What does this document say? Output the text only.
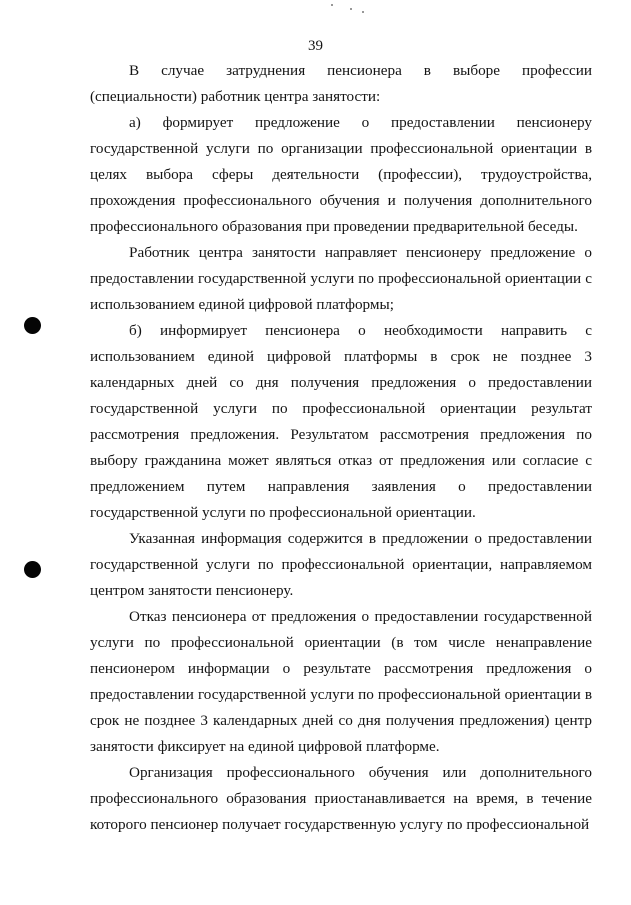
39

В случае затруднения пенсионера в выборе профессии (специальности) работник центра занятости:

а) формирует предложение о предоставлении пенсионеру государственной услуги по организации профессиональной ориентации в целях выбора сферы деятельности (профессии), трудоустройства, прохождения профессионального обучения и получения дополнительного профессионального образования при проведении предварительной беседы.

Работник центра занятости направляет пенсионеру предложение о предоставлении государственной услуги по профессиональной ориентации с использованием единой цифровой платформы;

б) информирует пенсионера о необходимости направить с использованием единой цифровой платформы в срок не позднее 3 календарных дней со дня получения предложения о предоставлении государственной услуги по профессиональной ориентации результат рассмотрения предложения. Результатом рассмотрения предложения по выбору гражданина может являться отказ от предложения или согласие с предложением путем направления заявления о предоставлении государственной услуги по профессиональной ориентации.

Указанная информация содержится в предложении о предоставлении государственной услуги по профессиональной ориентации, направляемом центром занятости пенсионеру.

Отказ пенсионера от предложения о предоставлении государственной услуги по профессиональной ориентации (в том числе ненаправление пенсионером информации о результате рассмотрения предложения о предоставлении государственной услуги по профессиональной ориентации в срок не позднее 3 календарных дней со дня получения предложения) центр занятости фиксирует на единой цифровой платформе.

Организация профессионального обучения или дополнительного профессионального образования приостанавливается на время, в течение которого пенсионер получает государственную услугу по профессиональной
